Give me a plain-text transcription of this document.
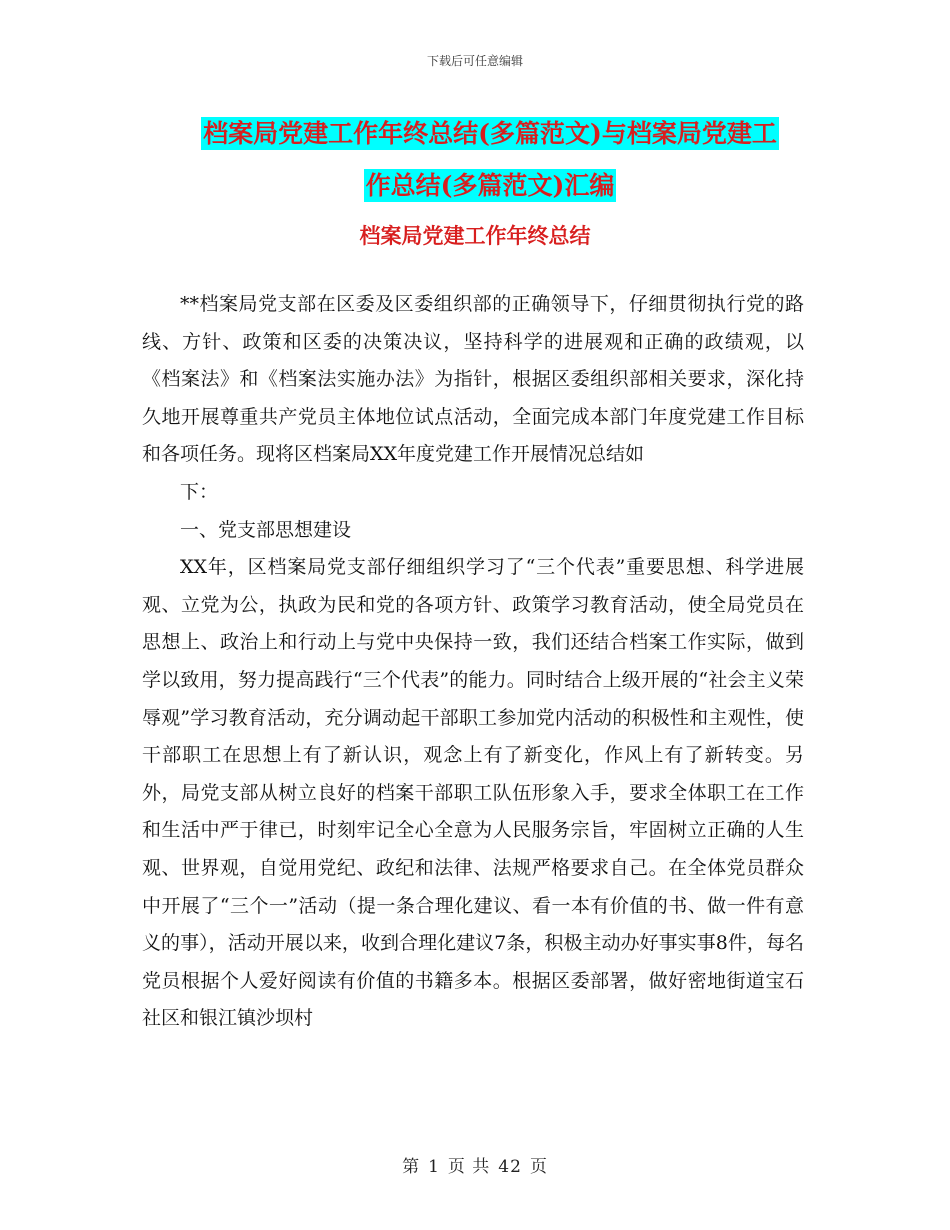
下载后可任意编辑
档案局党建工作年终总结(多篇范文)与档案局党建工
作总结(多篇范文)汇编
档案局党建工作年终总结

**档案局党支部在区委及区委组织部的正确领导下，仔细贯彻执行党的路线、方针、政策和区委的决策决议，坚持科学的进展观和正确的政绩观，以《档案法》和《档案法实施办法》为指针，根据区委组织部相关要求，深化持久地开展尊重共产党员主体地位试点活动，全面完成本部门年度党建工作目标和各项任务。现将区档案局XX年度党建工作开展情况总结如

下：

一、党支部思想建设

XX年，区档案局党支部仔细组织学习了“三个代表”重要思想、科学进展观、立党为公，执政为民和党的各项方针、政策学习教育活动，使全局党员在思想上、政治上和行动上与党中央保持一致，我们还结合档案工作实际，做到学以致用，努力提高践行“三个代表”的能力。同时结合上级开展的“社会主义荣辱观”学习教育活动，充分调动起干部职工参加党内活动的积极性和主观性，使干部职工在思想上有了新认识，观念上有了新变化，作风上有了新转变。另外，局党支部从树立良好的档案干部职工队伍形象入手，要求全体职工在工作和生活中严于律已，时刻牢记全心全意为人民服务宗旨，牢固树立正确的人生观、世界观，自觉用党纪、政纪和法律、法规严格要求自己。在全体党员群众中开展了“三个一”活动（提一条合理化建议、看一本有价值的书、做一件有意义的事），活动开展以来，收到合理化建议7条，积极主动办好事实事8件，每名党员根据个人爱好阅读有价值的书籍多本。根据区委部署，做好密地街道宝石社区和银江镇沙坝村

第 1 页 共 42 页
